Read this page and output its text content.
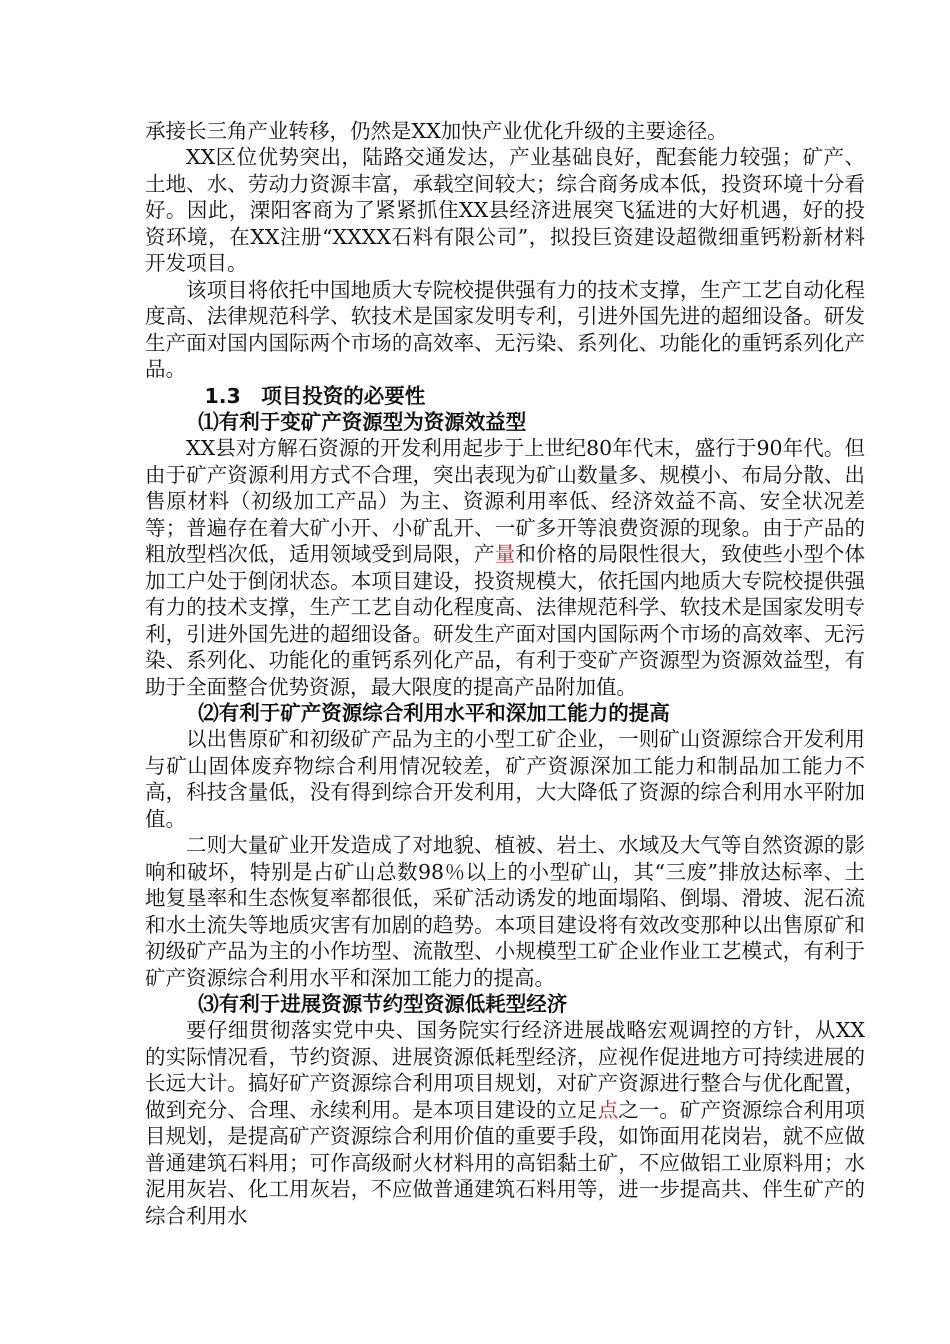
承接长三角产业转移，仍然是XX加快产业优化升级的主要途径。

XX区位优势突出，陆路交通发达，产业基础良好，配套能力较强；矿产、土地、水、劳动力资源丰富，承载空间较大；综合商务成本低，投资环境十分看好。因此，溧阳客商为了紧紧抓住XX县经济进展突飞猛进的大好机遇，好的投资环境，在XX注册“XXXX石料有限公司”，拟投巨资建设超微细重钙粉新材料开发项目。

该项目将依托中国地质大专院校提供强有力的技术支撑，生产工艺自动化程度高、法律规范科学、软技术是国家发明专利，引进外国先进的超细设备。研发生产面对国内国际两个市场的高效率、无污染、系列化、功能化的重钙系列化产品。

1.3　项目投资的必要性

⑴有利于变矿产资源型为资源效益型

XX县对方解石资源的开发利用起步于上世纪80年代末，盛行于90年代。但由于矿产资源利用方式不合理，突出表现为矿山数量多、规模小、布局分散、出售原材料（初级加工产品）为主、资源利用率低、经济效益不高、安全状况差等；普遍存在着大矿小开、小矿乱开、一矿多开等浪费资源的现象。由于产品的粗放型档次低，适用领域受到局限，产量和价格的局限性很大，致使些小型个体加工户处于倒闭状态。本项目建设，投资规模大，依托国内地质大专院校提供强有力的技术支撑，生产工艺自动化程度高、法律规范科学、软技术是国家发明专利，引进外国先进的超细设备。研发生产面对国内国际两个市场的高效率、无污染、系列化、功能化的重钙系列化产品，有利于变矿产资源型为资源效益型，有助于全面整合优势资源，最大限度的提高产品附加值。

⑵有利于矿产资源综合利用水平和深加工能力的提高

以出售原矿和初级矿产品为主的小型工矿企业，一则矿山资源综合开发利用与矿山固体废弃物综合利用情况较差，矿产资源深加工能力和制品加工能力不高，科技含量低，没有得到综合开发利用，大大降低了资源的综合利用水平附加值。

二则大量矿业开发造成了对地貌、植被、岩土、水域及大气等自然资源的影响和破坏，特别是占矿山总数98％以上的小型矿山，其“三废”排放达标率、土地复垦率和生态恢复率都很低，采矿活动诱发的地面塌陷、倒塌、滑坡、泥石流和水土流失等地质灾害有加剧的趋势。本项目建设将有效改变那种以出售原矿和初级矿产品为主的小作坊型、流散型、小规模型工矿企业作业工艺模式，有利于矿产资源综合利用水平和深加工能力的提高。

⑶有利于进展资源节约型资源低耗型经济

要仔细贯彻落实党中央、国务院实行经济进展战略宏观调控的方针，从XX的实际情况看，节约资源、进展资源低耗型经济，应视作促进地方可持续进展的长远大计。搞好矿产资源综合利用项目规划，对矿产资源进行整合与优化配置，做到充分、合理、永续利用。是本项目建设的立足点之一。矿产资源综合利用项目规划，是提高矿产资源综合利用价值的重要手段，如饰面用花岗岩，就不应做普通建筑石料用；可作高级耐火材料用的高铝黏土矿，不应做铝工业原料用；水泥用灰岩、化工用灰岩，不应做普通建筑石料用等，进一步提高共、伴生矿产的综合利用水
